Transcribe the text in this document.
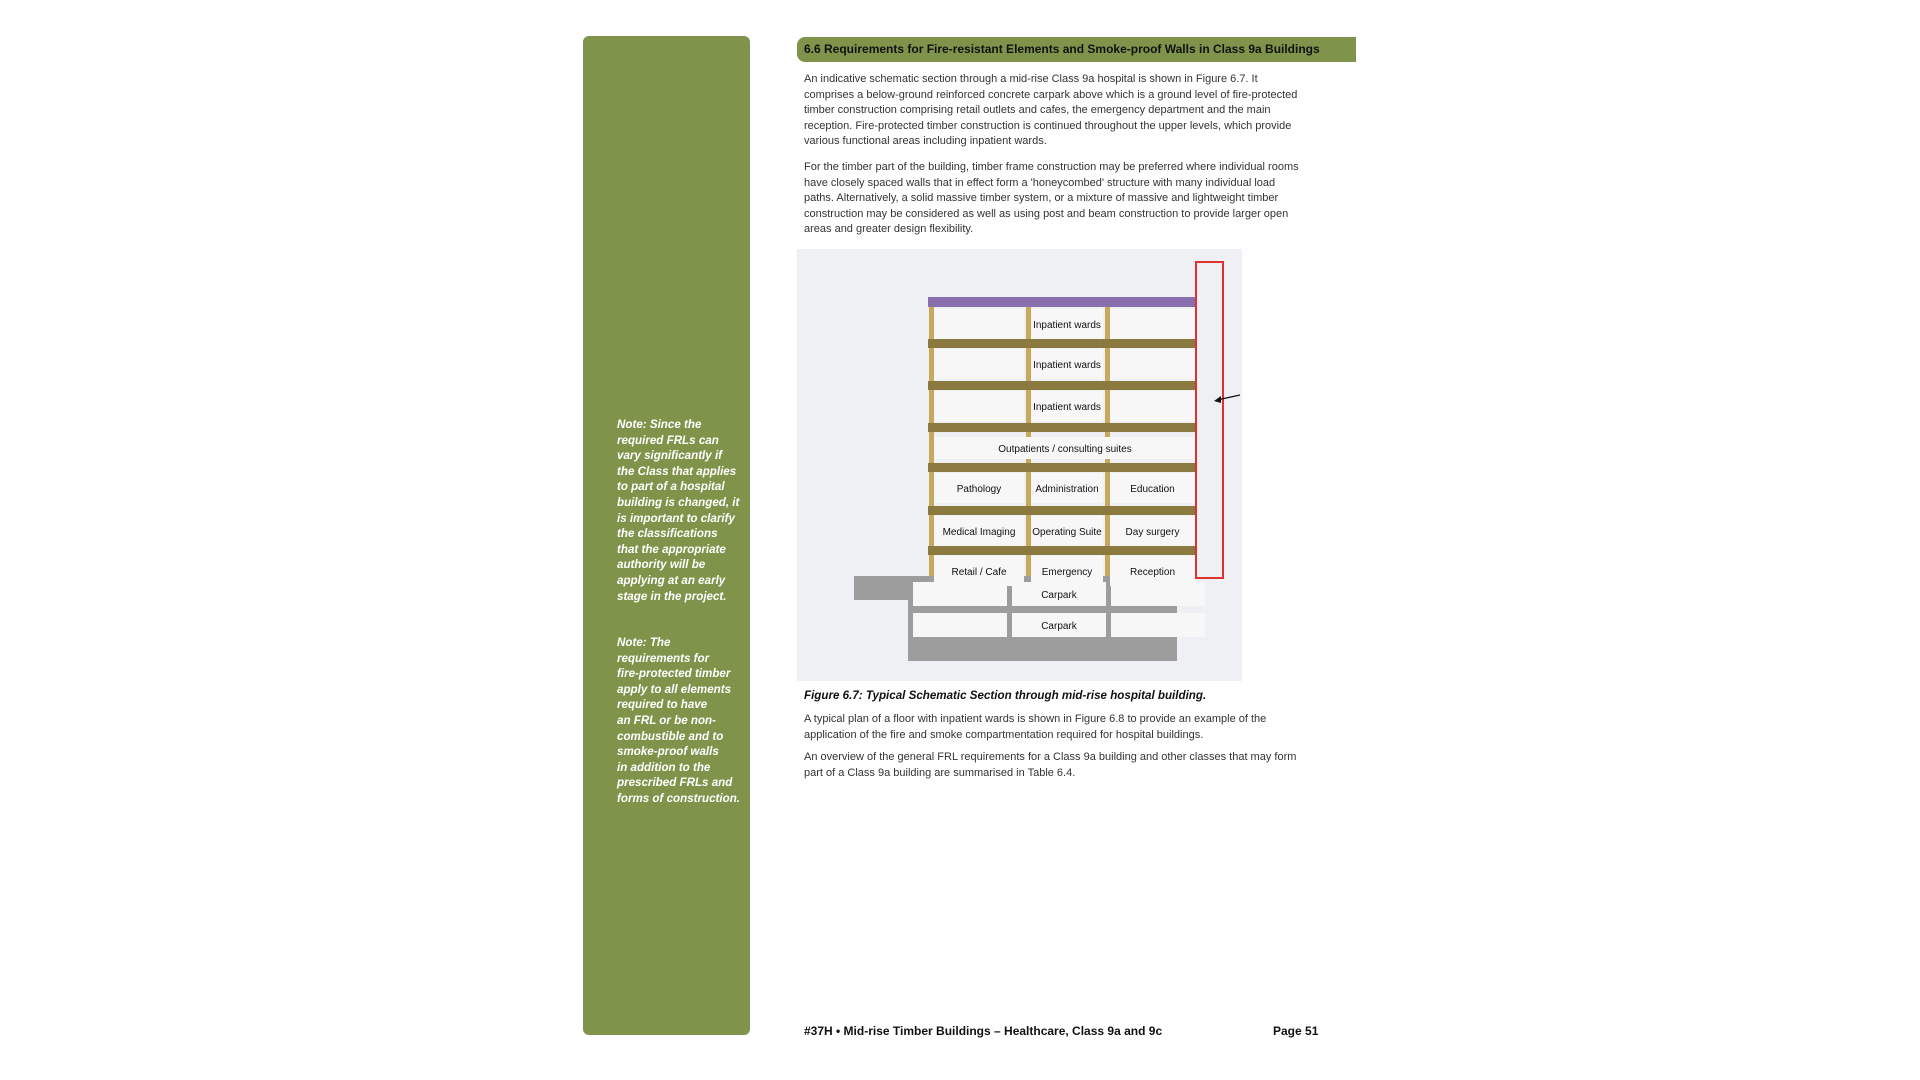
Note: Since the
required FRLs can
vary significantly if
the Class that applies
to part of a hospital
building is changed, it
is important to clarify
the classifications
that the appropriate
authority will be
applying at an early
stage in the project.
Note: The
requirements for
fire-protected timber
apply to all elements
required to have
an FRL or be non-
combustible and to
smoke-proof walls
in addition to the
prescribed FRLs and
forms of construction.
6.6 Requirements for Fire-resistant Elements and Smoke-proof Walls in Class 9a Buildings
An indicative schematic section through a mid-rise Class 9a hospital is shown in Figure 6.7. It
comprises a below-ground reinforced concrete carpark above which is a ground level of fire-protected
timber construction comprising retail outlets and cafes, the emergency department and the main
reception. Fire-protected timber construction is continued throughout the upper levels, which provide
various functional areas including inpatient wards.
For the timber part of the building, timber frame construction may be preferred where individual rooms
have closely spaced walls that in effect form a 'honeycombed' structure with many individual load
paths. Alternatively, a solid massive timber system, or a mixture of massive and lightweight timber
construction may be considered as well as using post and beam construction to provide larger open
areas and greater design flexibility.
Inpatient wards
Inpatient wards
Inpatient wards
Outpatients / consulting suites
Pathology	Administration	Education
Medical Imaging Operating Suite Day surgery
Retail / Cafe	Emergency	Reception
Carpark
Carpark
Figure 6.7: Typical Schematic Section through mid-rise hospital building.
A typical plan of a floor with inpatient wards is shown in Figure 6.8 to provide an example of the
application of the fire and smoke compartmentation required for hospital buildings.
An overview of the general FRL requirements for a Class 9a building and other classes that may form
part of a Class 9a building are summarised in Table 6.4.
#37H • Mid-rise Timber Buildings – Healthcare, Class 9a and 9c	Page 51
